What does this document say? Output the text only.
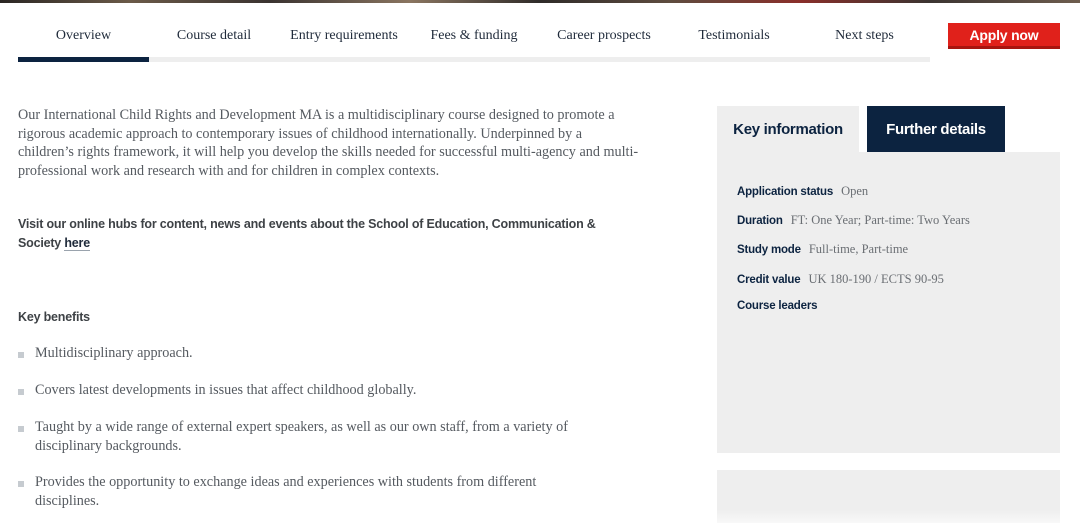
Overview	Course detail	Entry requirements Fees & funding	Career prospects	Testimonials	Next steps	Apply now

Our International Child Rights and Development MA is a multidisciplinary course designed to promote a rigorous academic approach to contemporary issues of childhood internationally. Underpinned by a children’s rights framework, it will help you develop the skills needed for successful multi-agency and multi-professional work and research with and for children in complex contexts.

Visit our online hubs for content, news and events about the School of Education, Communication & Society here

Key benefits
Multidisciplinary approach.
Covers latest developments in issues that affect childhood globally.
Taught by a wide range of external expert speakers, as well as our own staff, from a variety of disciplinary backgrounds.
Provides the opportunity to exchange ideas and experiences with students from different disciplines.
Key information	Further details
Application status Open
Duration FT: One Year; Part-time: Two Years
Study mode Full-time, Part-time
Credit value UK 180-190 / ECTS 90-95
Course leaders
